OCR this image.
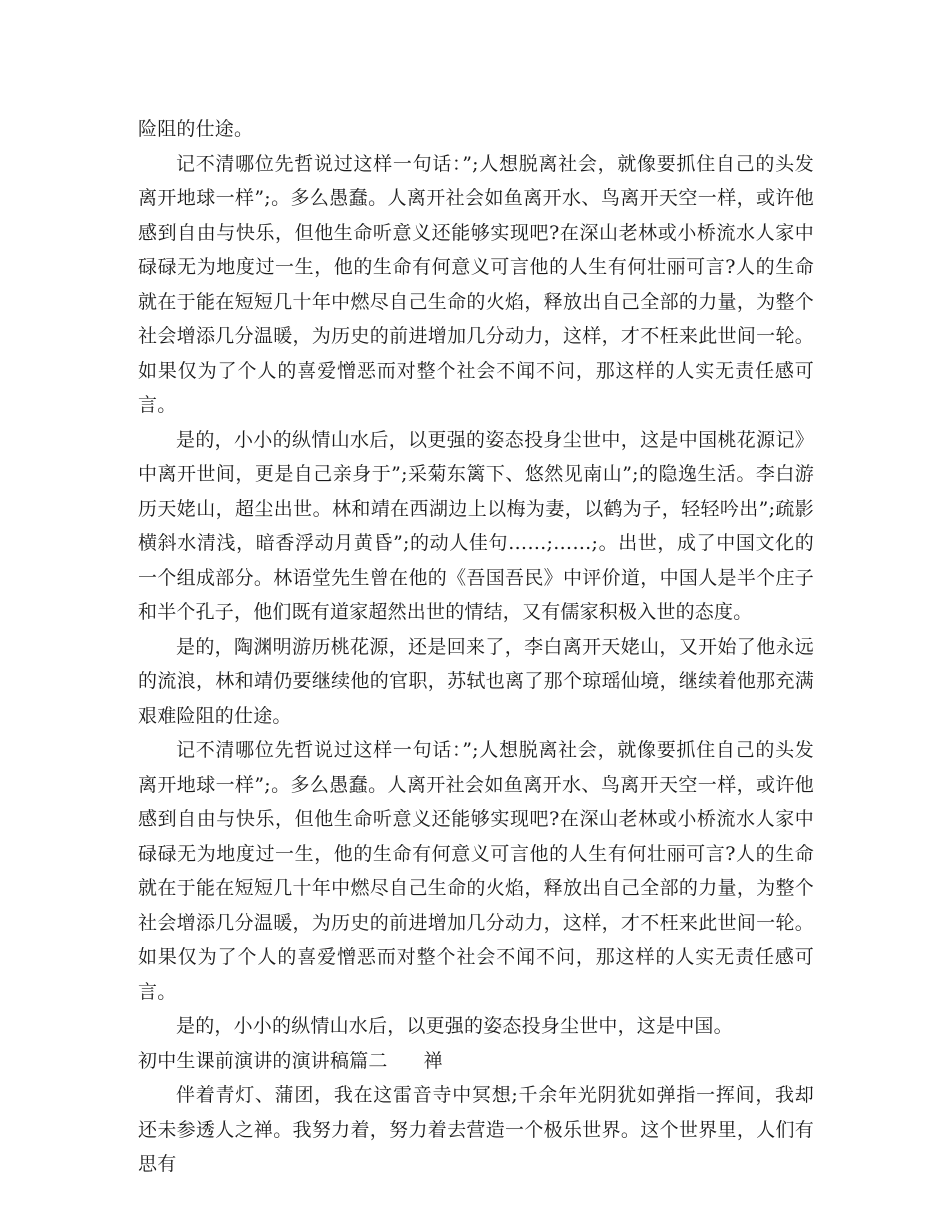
险阻的仕途。

记不清哪位先哲说过这样一句话：”;人想脱离社会，就像要抓住自己的头发离开地球一样”;。多么愚蠢。人离开社会如鱼离开水、鸟离开天空一样，或许他感到自由与快乐，但他生命听意义还能够实现吧?在深山老林或小桥流水人家中碌碌无为地度过一生，他的生命有何意义可言他的人生有何壮丽可言?人的生命就在于能在短短几十年中燃尽自己生命的火焰，释放出自己全部的力量，为整个社会增添几分温暖，为历史的前进增加几分动力，这样，才不枉来此世间一轮。如果仅为了个人的喜爱憎恶而对整个社会不闻不问，那这样的人实无责任感可言。

是的，小小的纵情山水后，以更强的姿态投身尘世中，这是中国桃花源记》中离开世间，更是自己亲身于”;采菊东篱下、悠然见南山”;的隐逸生活。李白游历天姥山，超尘出世。林和靖在西湖边上以梅为妻，以鹤为子，轻轻吟出”;疏影横斜水清浅，暗香浮动月黄昏”;的动人佳句……;……;。出世，成了中国文化的一个组成部分。林语堂先生曾在他的《吾国吾民》中评价道，中国人是半个庄子和半个孔子，他们既有道家超然出世的情结，又有儒家积极入世的态度。

是的，陶渊明游历桃花源，还是回来了，李白离开天姥山，又开始了他永远的流浪，林和靖仍要继续他的官职，苏轼也离了那个琼瑶仙境，继续着他那充满艰难险阻的仕途。

记不清哪位先哲说过这样一句话：”;人想脱离社会，就像要抓住自己的头发离开地球一样”;。多么愚蠢。人离开社会如鱼离开水、鸟离开天空一样，或许他感到自由与快乐，但他生命听意义还能够实现吧?在深山老林或小桥流水人家中碌碌无为地度过一生，他的生命有何意义可言他的人生有何壮丽可言?人的生命就在于能在短短几十年中燃尽自己生命的火焰，释放出自己全部的力量，为整个社会增添几分温暖，为历史的前进增加几分动力，这样，才不枉来此世间一轮。如果仅为了个人的喜爱憎恶而对整个社会不闻不问，那这样的人实无责任感可言。

是的，小小的纵情山水后，以更强的姿态投身尘世中，这是中国。

初中生课前演讲的演讲稿篇二 禅

伴着青灯、蒲团，我在这雷音寺中冥想;千余年光阴犹如弹指一挥间，我却还未参透人之禅。我努力着，努力着去营造一个极乐世界。这个世界里，人们有思有
